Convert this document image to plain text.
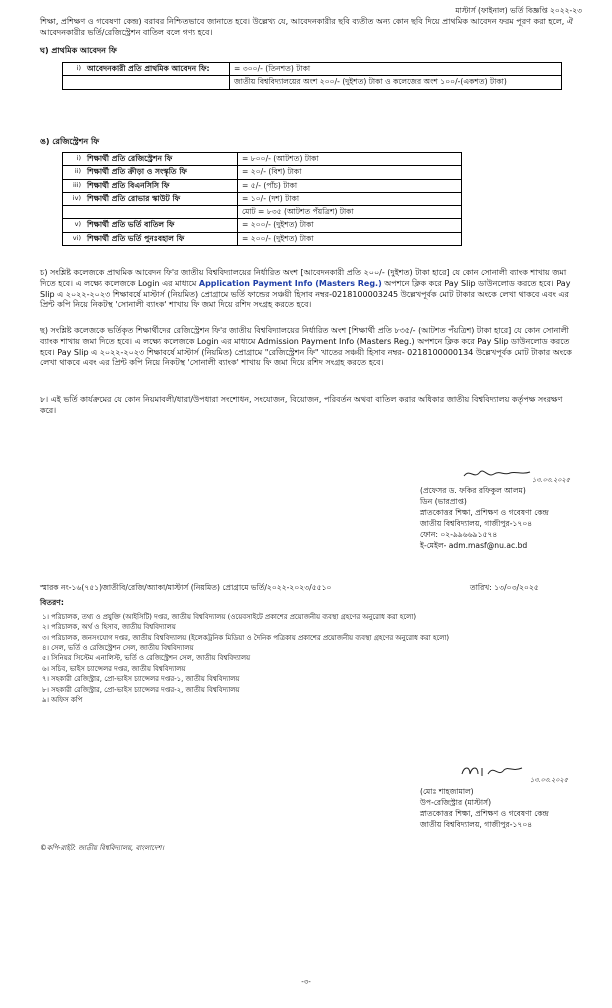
মাস্টার্স (ফাইনাল) ভর্তি বিজ্ঞপ্তি ২০২২-২৩
শিক্ষা, প্রশিক্ষণ ও গবেষণা কেন্দ্র) বরাবর নিশ্চিতভাবে জানাতে হবে। উল্লেখ্য যে, আবেদনকারীর ছবি ব্যতীত অন্য কোন ছবি দিয়ে প্রাথমিক আবেদন ফরম পূরণ করা হলে, ঐ আবেদনকারীর ভর্তি/রেজিস্ট্রেশন বাতিল বলে গণ্য হবে।
ঘ) প্রাথমিক আবেদন ফি
i)	আবেদনকারী প্রতি প্রাথমিক আবেদন ফি:	= ৩০০/- (তিনশত) টাকা
		জাতীয় বিশ্ববিদ্যালয়ের অংশ ২০০/- (দুইশত) টাকা ও কলেজের অংশ ১০০/-(একশত) টাকা)
ঙ) রেজিস্ট্রেশন ফি
i)	শিক্ষার্থী প্রতি রেজিস্ট্রেশন ফি	= ৮০০/- (আটশত) টাকা
ii)	শিক্ষার্থী প্রতি ক্রীড়া ও সংস্কৃতি ফি	= ২০/- (বিশ) টাকা
iii)	শিক্ষার্থী প্রতি বিএনসিসি ফি	= ৫/- (পাঁচ) টাকা
iv)	শিক্ষার্থী প্রতি রোভার স্কাউট ফি	= ১০/- (দশ) টাকা
		মোট = ৮৩৫ (আটশত পঁয়ত্রিশ) টাকা
v)	শিক্ষার্থী প্রতি ভর্তি বাতিল ফি	= ২০০/- (দুইশত) টাকা
vi)	শিক্ষার্থী প্রতি ভর্তি পুনঃবহাল ফি	= ২০০/- (দুইশত) টাকা
চ) সংশ্লিষ্ট কলেজকে প্রাথমিক আবেদন ফি'র জাতীয় বিশ্ববিদ্যালয়ের নির্ধারিত অংশ [আবেদনকারী প্রতি ২০০/- (দুইশত) টাকা হারে] যে কোন সোনালী ব্যাংক শাখায় জমা দিতে হবে। এ লক্ষ্যে কলেজকে Login এর মাধ্যমে Application Payment Info (Masters Reg.) অপশনে ক্লিক করে Pay Slip ডাউনলোড করতে হবে। Pay Slip এ ২০২২-২০২৩ শিক্ষাবর্ষে মাস্টার্স (নিয়মিত) প্রোগ্রামে ভর্তি ফান্ডের সঞ্চয়ী হিসাব নম্বর-0218100003245 উল্লেখপূর্বক মোট টাকার অংকে লেখা থাকবে এবং এর প্রিন্ট কপি নিয়ে নিকটস্থ 'সোনালী ব্যাংক' শাখায় ফি জমা দিয়ে রশিদ সংগ্রহ করতে হবে।
ছ) সংশ্লিষ্ট কলেজকে ভর্তিকৃত শিক্ষার্থীদের রেজিস্ট্রেশন ফি'র জাতীয় বিশ্ববিদ্যালয়ের নির্ধারিত অংশ [শিক্ষার্থী প্রতি ৮৩৫/- (আটশত পঁয়ত্রিশ) টাকা হারে] যে কোন সোনালী ব্যাংক শাখায় জমা দিতে হবে। এ লক্ষ্যে কলেজকে Login এর মাধ্যমে Admission Payment Info (Masters Reg.) অপশনে ক্লিক করে Pay Slip ডাউনলোড করতে হবে। Pay Slip এ ২০২২-২০২৩ শিক্ষাবর্ষে মাস্টার্স (নিয়মিত) প্রোগ্রামে "রেজিস্ট্রেশন ফি" খাতের সঞ্চয়ী হিসাব নম্বর- 0218100000134 উল্লেখপূর্বক মোট টাকার অংকে লেখা থাকবে এবং এর প্রিন্ট কপি নিয়ে নিকটস্থ 'সোনালী ব্যাংক' শাখায় ফি জমা দিয়ে রশিদ সংগ্রহ করতে হবে।
৮। এই ভর্তি কার্যক্রমের যে কোন নিয়মাবলী/ধারা/উপধারা সংশোধন, সংযোজন, বিয়োজন, পরিবর্তন অথবা বাতিল করার অধিকার জাতীয় বিশ্ববিদ্যালয় কর্তৃপক্ষ সংরক্ষণ করে।
১৩.০৩.২০২৫
(প্রফেসর ড. ফকির রফিকুল আলম)
ডিন (ভারপ্রাপ্ত)
স্নাতকোত্তর শিক্ষা, প্রশিক্ষণ ও গবেষণা কেন্দ্র
জাতীয় বিশ্ববিদ্যালয়, গাজীপুর-১৭০৪
ফোন: ০২-৯৯৬৬৯১৫৭৪
ই-মেইল- adm.masf@nu.ac.bd
স্মারক নং-১৬(৭৫১)জাতীবি/রেজি/অ্যাকা/মাস্টার্স (নিয়মিত) প্রোগ্রামে ভর্তি/২০২২-২০২৩/৫৫১০	তারিখ: ১৩/০৩/২০২৫
বিতরণ:
১। পরিচালক, তথ্য ও প্রযুক্তি (আইসিটি) দপ্তর, জাতীয় বিশ্ববিদ্যালয় (ওয়েবসাইটে প্রকাশের প্রয়োজনীয় ব্যবস্থা গ্রহণের অনুরোধ করা হলো)
২। পরিচালক, অর্থ ও হিসাব, জাতীয় বিশ্ববিদ্যালয়
৩। পরিচালক, জনসংযোগ দপ্তর, জাতীয় বিশ্ববিদ্যালয় (ইলেকট্রনিক মিডিয়া ও দৈনিক পত্রিকায় প্রকাশের প্রয়োজনীয় ব্যবস্থা গ্রহণের অনুরোধ করা হলো)
৪। সেল, ভর্তি ও রেজিস্ট্রেশন সেল, জাতীয় বিশ্ববিদ্যালয়
৫। সিনিয়র সিস্টেম এনালিস্ট, ভর্তি ও রেজিস্ট্রেশন সেল, জাতীয় বিশ্ববিদ্যালয়
৬। সচিব, ভাইস চ্যান্সেলর দপ্তর, জাতীয় বিশ্ববিদ্যালয়
৭। সহকারী রেজিস্ট্রার, প্রো-ভাইস চ্যান্সেলর দপ্তর-১, জাতীয় বিশ্ববিদ্যালয়
৮। সহকারী রেজিস্ট্রার, প্রো-ভাইস চ্যান্সেলর দপ্তর-২, জাতীয় বিশ্ববিদ্যালয়
৯। অফিস কপি
১৩.০৩.২০২৫
(মোঃ শাহজামাল)
উপ-রেজিস্ট্রার (মাস্টার্স)
স্নাতকোত্তর শিক্ষা, প্রশিক্ষণ ও গবেষণা কেন্দ্র
জাতীয় বিশ্ববিদ্যালয়, গাজীপুর-১৭০৪
©কপি-রাইট: জাতীয় বিশ্ববিদ্যালয়, বাংলাদেশ।
-৩-
